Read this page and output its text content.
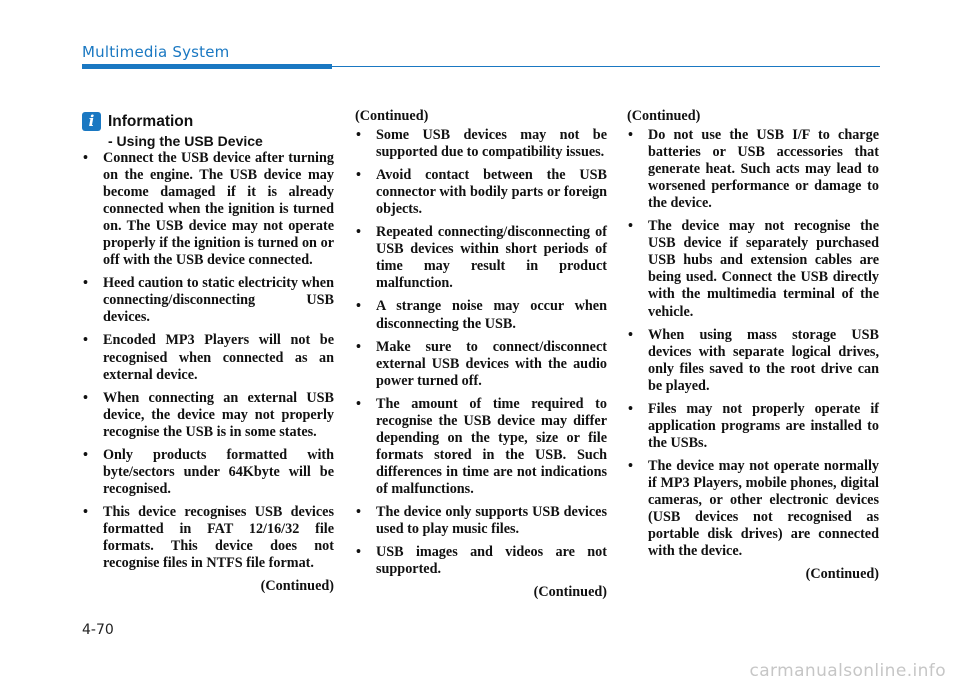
Multimedia System
i Information
- Using the USB Device
• Connect the USB device after turning on the engine. The USB device may become damaged if it is already connected when the ignition is turned on. The USB device may not operate properly if the ignition is turned on or off with the USB device connected.
• Heed caution to static electricity when connecting/disconnecting USB devices.
• Encoded MP3 Players will not be recognised when connected as an external device.
• When connecting an external USB device, the device may not properly recognise the USB is in some states.
• Only products formatted with byte/sectors under 64Kbyte will be recognised.
• This device recognises USB devices formatted in FAT 12/16/32 file formats. This device does not recognise files in NTFS file format.
(Continued)
(Continued)
• Some USB devices may not be supported due to compatibility issues.
• Avoid contact between the USB connector with bodily parts or foreign objects.
• Repeated connecting/disconnecting of USB devices within short periods of time may result in product malfunction.
• A strange noise may occur when disconnecting the USB.
• Make sure to connect/disconnect external USB devices with the audio power turned off.
• The amount of time required to recognise the USB device may differ depending on the type, size or file formats stored in the USB. Such differences in time are not indications of malfunctions.
• The device only supports USB devices used to play music files.
• USB images and videos are not supported.
(Continued)
(Continued)
• Do not use the USB I/F to charge batteries or USB accessories that generate heat. Such acts may lead to worsened performance or damage to the device.
• The device may not recognise the USB device if separately purchased USB hubs and extension cables are being used. Connect the USB directly with the multimedia terminal of the vehicle.
• When using mass storage USB devices with separate logical drives, only files saved to the root drive can be played.
• Files may not properly operate if application programs are installed to the USBs.
• The device may not operate normally if MP3 Players, mobile phones, digital cameras, or other electronic devices (USB devices not recognised as portable disk drives) are connected with the device.
(Continued)
4-70
carmanualsonline.info
